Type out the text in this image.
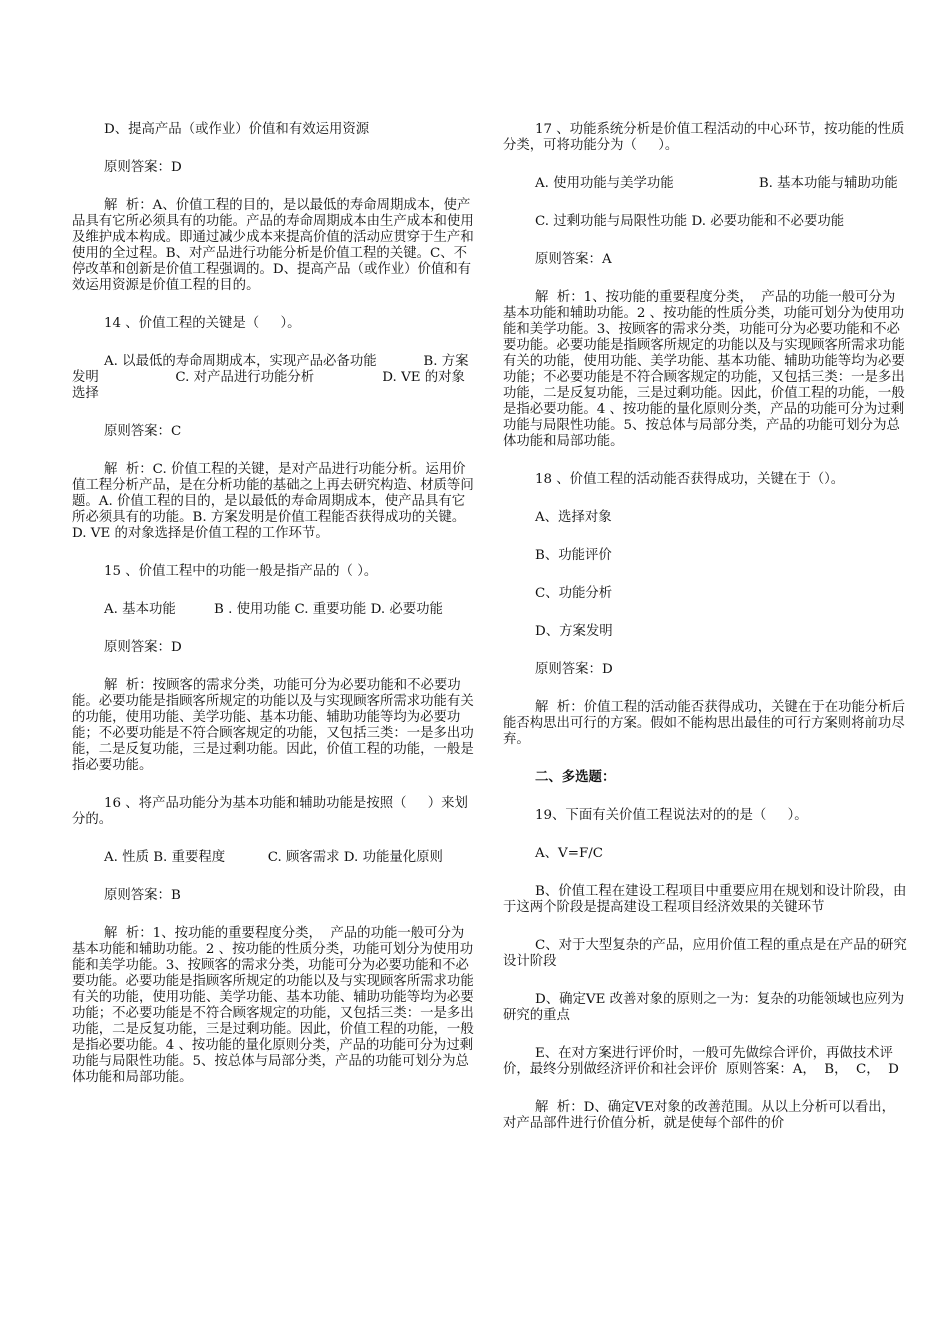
D、提高产品（或作业）价值和有效运用资源

原则答案：D

解  析：A、价值工程的目的，是以最低的寿命周期成本，使产品具有它所必须具有的功能。产品的寿命周期成本由生产成本和使用及维护成本构成。即通过减少成本来提高价值的活动应贯穿于生产和使用的全过程。B、对产品进行功能分析是价值工程的关键。C、不停改革和创新是价值工程强调的。D、提高产品（或作业）价值和有效运用资源是价值工程的目的。

14 、价值工程的关键是（     ）。

A. 以最低的寿命周期成本，实现产品必备功能           B. 方案发明                  C. 对产品进行功能分析                D. VE 的对象选择

原则答案：C

解  析：C. 价值工程的关键，是对产品进行功能分析。运用价值工程分析产品，是在分析功能的基础之上再去研究构造、材质等问题。A. 价值工程的目的，是以最低的寿命周期成本，使产品具有它所必须具有的功能。B. 方案发明是价值工程能否获得成功的关键。D. VE 的对象选择是价值工程的工作环节。

15 、价值工程中的功能一般是指产品的（ ）。

A. 基本功能         B . 使用功能 C. 重要功能 D. 必要功能

原则答案：D

解  析：按顾客的需求分类，功能可分为必要功能和不必要功能。必要功能是指顾客所规定的功能以及与实现顾客所需求功能有关的功能，使用功能、美学功能、基本功能、辅助功能等均为必要功能；不必要功能是不符合顾客规定的功能，又包括三类：一是多出功能，二是反复功能，三是过剩功能。因此，价值工程的功能，一般是指必要功能。

16 、将产品功能分为基本功能和辅助功能是按照（     ）来划分的。

A. 性质 B. 重要程度          C. 顾客需求 D. 功能量化原则

原则答案：B

解  析：1、按功能的重要程度分类，  产品的功能一般可分为基本功能和辅助功能。2 、按功能的性质分类，功能可划分为使用功能和美学功能。3、按顾客的需求分类，功能可分为必要功能和不必要功能。必要功能是指顾客所规定的功能以及与实现顾客所需求功能有关的功能，使用功能、美学功能、基本功能、辅助功能等均为必要功能；不必要功能是不符合顾客规定的功能，又包括三类：一是多出功能，二是反复功能，三是过剩功能。因此，价值工程的功能，一般是指必要功能。4 、按功能的量化原则分类，产品的功能可分为过剩功能与局限性功能。5、按总体与局部分类，产品的功能可划分为总体功能和局部功能。

17 、功能系统分析是价值工程活动的中心环节，按功能的性质分类，可将功能分为（     ）。

A. 使用功能与美学功能                    B. 基本功能与辅助功能

C. 过剩功能与局限性功能 D. 必要功能和不必要功能

原则答案：A

解  析：1、按功能的重要程度分类，  产品的功能一般可分为基本功能和辅助功能。2 、按功能的性质分类，功能可划分为使用功能和美学功能。3、按顾客的需求分类，功能可分为必要功能和不必要功能。必要功能是指顾客所规定的功能以及与实现顾客所需求功能有关的功能，使用功能、美学功能、基本功能、辅助功能等均为必要功能；不必要功能是不符合顾客规定的功能，又包括三类：一是多出功能，二是反复功能，三是过剩功能。因此，价值工程的功能，一般是指必要功能。4 、按功能的量化原则分类，产品的功能可分为过剩功能与局限性功能。5、按总体与局部分类，产品的功能可划分为总体功能和局部功能。

18 、价值工程的活动能否获得成功，关键在于（）。

A、选择对象

B、功能评价

C、功能分析

D、方案发明

原则答案：D

解  析：价值工程的活动能否获得成功，关键在于在功能分析后能否构思出可行的方案。假如不能构思出最佳的可行方案则将前功尽弃。

二、多选题：

19、下面有关价值工程说法对的的是（     ）。

A、V=F/C

B、价值工程在建设工程项目中重要应用在规划和设计阶段，由于这两个阶段是提高建设工程项目经济效果的关键环节

C、对于大型复杂的产品，应用价值工程的重点是在产品的研究设计阶段

D、确定VE 改善对象的原则之一为：复杂的功能领域也应列为研究的重点

E、在对方案进行评价时，一般可先做综合评价，再做技术评价，最终分别做经济评价和社会评价  原则答案：A，  B，  C，  D

解  析：D、确定VE对象的改善范围。从以上分析可以看出，对产品部件进行价值分析，就是使每个部件的价
